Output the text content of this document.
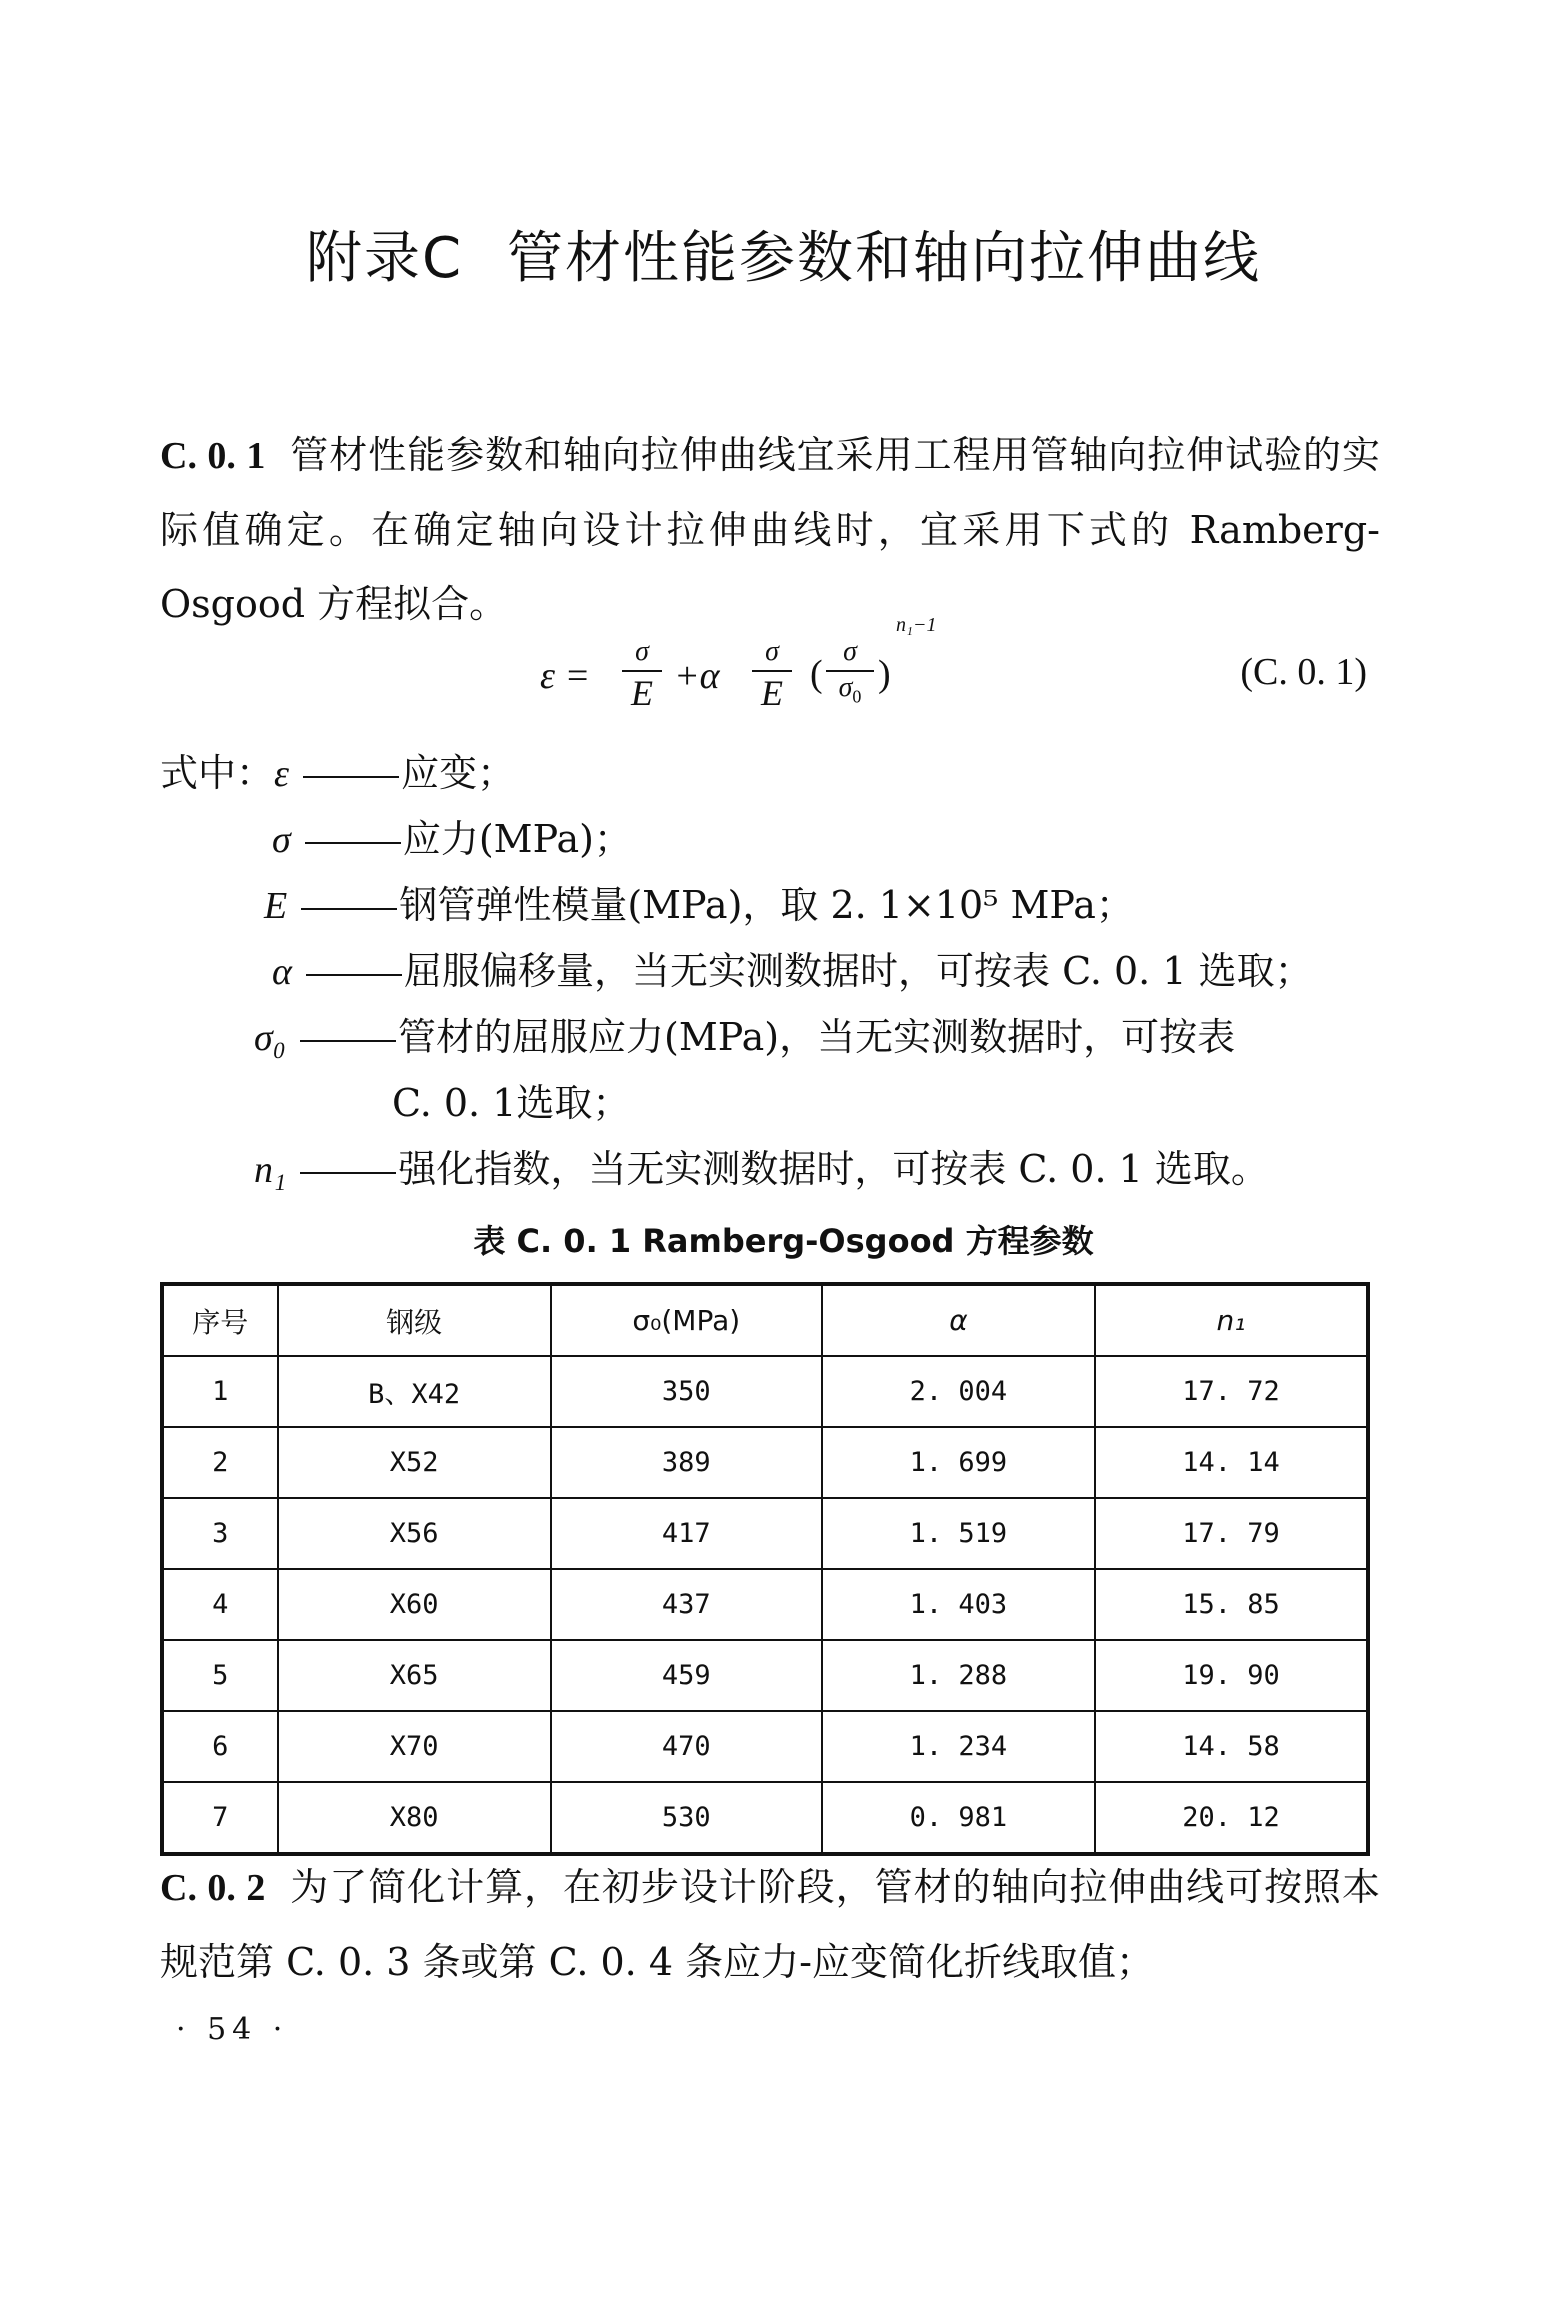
附录C 管材性能参数和轴向拉伸曲线
C. 0. 1 管材性能参数和轴向拉伸曲线宜采用工程用管轴向拉伸试验的实际值确定。在确定轴向设计拉伸曲线时，宜采用下式的 Ramberg-Osgood 方程拟合。
ε =
σ
E +α
σ
E (
σ
$\sigma_0$
)
n₁−1
(C. 0. 1)
式中：ε	应变；
σ	应力(MPa)；
E	钢管弹性模量(MPa)，取 2. 1×10⁵ MPa；
α	屈服偏移量，当无实测数据时，可按表 C. 0. 1 选取；
σ₀	管材的屈服应力(MPa)，当无实测数据时，可按表
C. 0. 1选取；
n₁	强化指数，当无实测数据时，可按表 C. 0. 1 选取。
表 C. 0. 1 Ramberg-Osgood 方程参数
序号	钢级	σ₀(MPa)	α	n₁
1	B、X42	350	2. 004	17. 72
2	X52	389	1. 699	14. 14
3	X56	417	1. 519	17. 79
4	X60	437	1. 403	15. 85
5	X65	459	1. 288	19. 90
6	X70	470	1. 234	14. 58
7	X80	530	0. 981	20. 12
C. 0. 2 为了简化计算，在初步设计阶段，管材的轴向拉伸曲线可按照本规范第 C. 0. 3 条或第 C. 0. 4 条应力-应变简化折线取值；
· 54 ·
